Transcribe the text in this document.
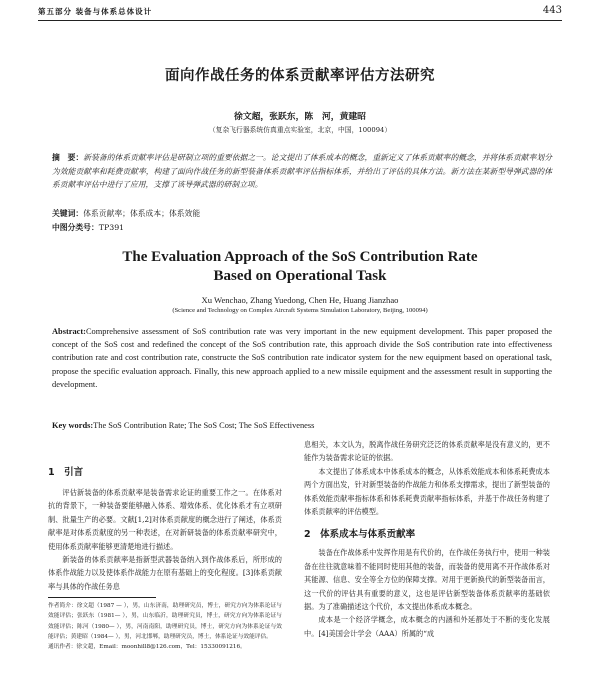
第五部分 装备与体系总体设计	443
面向作战任务的体系贡献率评估方法研究
徐文超，张跃东，陈　河，黄建昭
（复杂飞行器系统仿真重点实验室，北京，中国，100094）
摘　要：新装备的体系贡献率评估是研制立项的重要依据之一。论文提出了体系成本的概念，重新定义了体系贡献率的概念，并将体系贡献率划分为效能贡献率和耗费贡献率，构建了面向作战任务的新型装备体系贡献率评估指标体系，并给出了评估的具体方法。新方法在某新型导弹武器的体系贡献率评估中进行了应用，支撑了该导弹武器的研制立项。
关键词：体系贡献率；体系成本；体系效能
中图分类号：TP391
The Evaluation Approach of the SoS Contribution Rate
Based on Operational Task
Xu Wenchao, Zhang Yuedong, Chen He, Huang Jianzhao
(Science and Technology on Complex Aircraft Systems Simulation Laboratory, Beijing, 100094)
Abstract:Comprehensive assessment of SoS contribution rate was very important in the new equipment development. This paper proposed the concept of the SoS cost and redefined the concept of the SoS contribution rate, this approach divide the SoS contribution rate into effectiveness contribution rate and cost contribution rate, constructe the SoS contribution rate indicator system for the new equipment based on operational task, propose the specific evaluation approach. Finally, this new approach applied to a new missile equipment and the assessment result in supporting the development.
Key words:The SoS Contribution Rate; The SoS Cost; The SoS Effectiveness

1　引言

评估新装备的体系贡献率是装备需求论证的重要工作之一。在体系对抗的背景下，一种装备要能够融入体系、增效体系、优化体系才有立项研制、批量生产的必要。文献[1,2]对体系贡献度的概念进行了阐述，体系贡献率是对体系贡献度的另一种表述，在对新研装备的体系贡献率研究中，使用体系贡献率能够更清楚地进行描述。

新装备的体系贡献率是指新型武器装备纳入到作战体系后，所形成的体系作战能力以及使体系作战能力在原有基础上的变化程度。[3]体系贡献率与具体的作战任务息

作者简介：徐文超（1987 — ），男，山东济南，助理研究员，博士，研究方向为体系论证与效能评估；张跃东（1981— ），男，山东临沂，助理研究员，博士，研究方向为体系论证与效能评估；陈河（1980— ），男，河南南阳，助理研究员，博士，研究方向为体系论证与效能评估；黄建昭（1984— ），男，河北邯郸，助理研究员，博士，体系论证与效能评估。

通讯作者：徐文超，Email：moonhill8@126.com，Tel：15330091216。

息相关，本文认为，脱离作战任务研究泛泛的体系贡献率是没有意义的，更不能作为装备需求论证的依据。

本文提出了体系成本中体系成本的概念，从体系效能成本和体系耗费成本两个方面出发，针对新型装备的作战能力和体系支撑需求，提出了新型装备的体系效能贡献率指标体系和体系耗费贡献率指标体系，并基于作战任务构建了体系贡献率的评估模型。

2　体系成本与体系贡献率

装备在作战体系中发挥作用是有代价的，在作战任务执行中，使用一种装备在往往就意味着不能同时使用其他的装备，而装备的使用离不开作战体系对其能源、信息、安全等全方位的保障支撑。对用于更新换代的新型装备而言，这一代价的评估具有重要的意义，这也是评估新型装备体系贡献率的基础依据。为了准确描述这个代价，本文提出体系成本概念。

成本是一个经济学概念，成本概念的内涵和外延都处于不断的变化发展中。[4]美国会计学会（AAA）所属的“成
